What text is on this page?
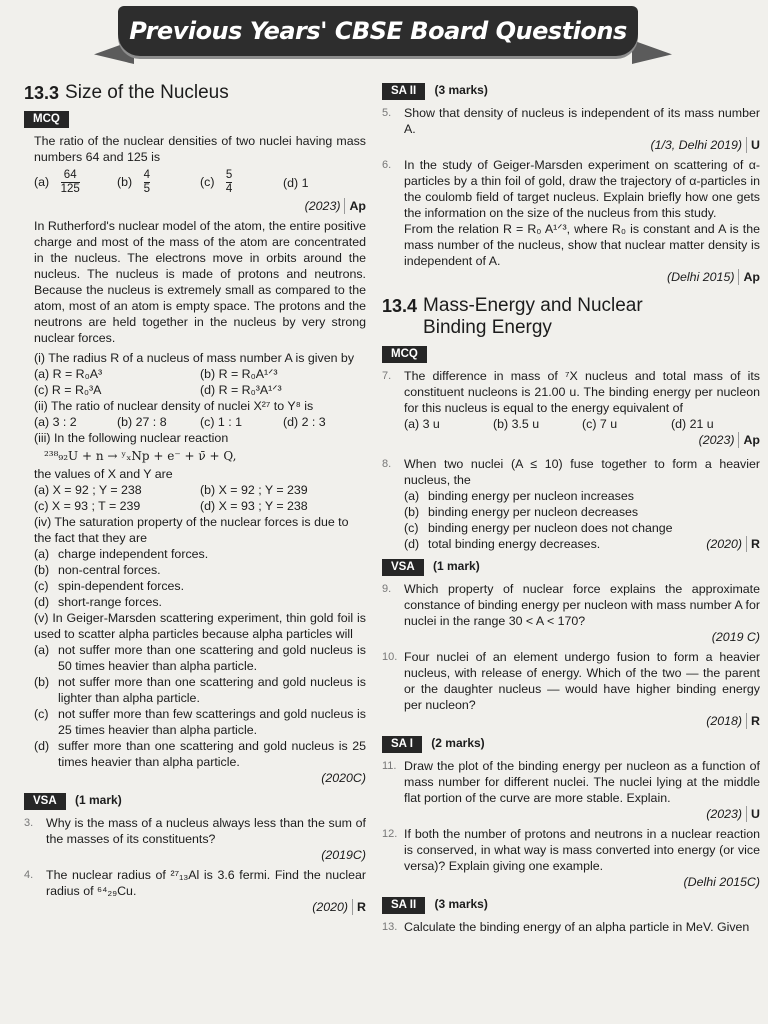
Previous Years' CBSE Board Questions
13.3 Size of the Nucleus
MCQ
The ratio of the nuclear densities of two nuclei having mass numbers 64 and 125 is
$(a) \frac{64}{125}$	$(b) \frac{4}{5}$	$(c) \frac{5}{4}$	(d) 1
(2023) Ap
In Rutherford's nuclear model of the atom, the entire positive charge and most of the mass of the atom are concentrated in the nucleus. The electrons move in orbits around the nucleus. The nucleus is made of protons and neutrons. Because the nucleus is extremely small as compared to the atom, most of an atom is empty space. The protons and the neutrons are held together in the nucleus by very strong nuclear forces.
(i) The radius R of a nucleus of mass number A is given by
(a) R = R₀A³	(b) R = R₀A¹ᐟ³
(c) R = R₀³A	(d) R = R₀³A¹ᐟ³
(ii) The ratio of nuclear density of nuclei X²⁷ to Y⁸ is
(a) 3 : 2	(b) 27 : 8	(c) 1 : 1	(d) 2 : 3
(iii) In the following nuclear reaction
²³⁸₉₂U + n → ʸₓNp + e⁻ + ν̄ + Q,
the values of X and Y are
(a) X = 92 ; Y = 238	(b) X = 92 ; Y = 239
(c) X = 93 ; T = 239	(d) X = 93 ; Y = 238
(iv) The saturation property of the nuclear forces is due to the fact that they are
(a) charge independent forces.
(b) non-central forces.
(c) spin-dependent forces.
(d) short-range forces.
(v) In Geiger-Marsden scattering experiment, thin gold foil is used to scatter alpha particles because alpha particles will
(a) not suffer more than one scattering and gold nucleus is 50 times heavier than alpha particle.
(b) not suffer more than one scattering and gold nucleus is lighter than alpha particle.
(c) not suffer more than few scatterings and gold nucleus is 25 times heavier than alpha particle.
(d) suffer more than one scattering and gold nucleus is 25 times heavier than alpha particle.
(2020C)
VSA (1 mark)
3.	Why is the mass of a nucleus always less than the sum of the masses of its constituents?
(2019C)
4.	The nuclear radius of ²⁷₁₃Al is 3.6 fermi. Find the nuclear radius of ⁶⁴₂₉Cu.
(2020) R
SA II (3 marks)
5.	Show that density of nucleus is independent of its mass number A.
(1/3, Delhi 2019) U
6.	In the study of Geiger-Marsden experiment on scattering of α-particles by a thin foil of gold, draw the trajectory of α-particles in the coulomb field of target nucleus. Explain briefly how one gets the information on the size of the nucleus from this study.
From the relation R = R₀ A¹ᐟ³, where R₀ is constant and A is the mass number of the nucleus, show that nuclear matter density is independent of A.
(Delhi 2015) Ap
13.4 Mass-Energy and Nuclear Binding Energy
MCQ
7.	The difference in mass of ⁷X nucleus and total mass of its constituent nucleons is 21.00 u. The binding energy per nucleon for this nucleus is equal to the energy equivalent of
(a) 3 u	(b) 3.5 u	(c) 7 u	(d) 21 u
(2023) Ap
8.	When two nuclei (A ≤ 10) fuse together to form a heavier nucleus, the
(a) binding energy per nucleon increases
(b) binding energy per nucleon decreases
(c) binding energy per nucleon does not change
(d) total binding energy decreases.	(2020) R
VSA (1 mark)
9.	Which property of nuclear force explains the approximate constance of binding energy per nucleon with mass number A for nuclei in the range 30 < A < 170?
(2019 C)
10. Four nuclei of an element undergo fusion to form a heavier nucleus, with release of energy. Which of the two — the parent or the daughter nucleus — would have higher binding energy per nucleon?
(2018) R
SA I (2 marks)
11. Draw the plot of the binding energy per nucleon as a function of mass number for different nuclei. The nuclei lying at the middle flat portion of the curve are more stable. Explain.
(2023) U
12. If both the number of protons and neutrons in a nuclear reaction is conserved, in what way is mass converted into energy (or vice versa)? Explain giving one example.
(Delhi 2015C)
SA II (3 marks)
13. Calculate the binding energy of an alpha particle in MeV. Given
